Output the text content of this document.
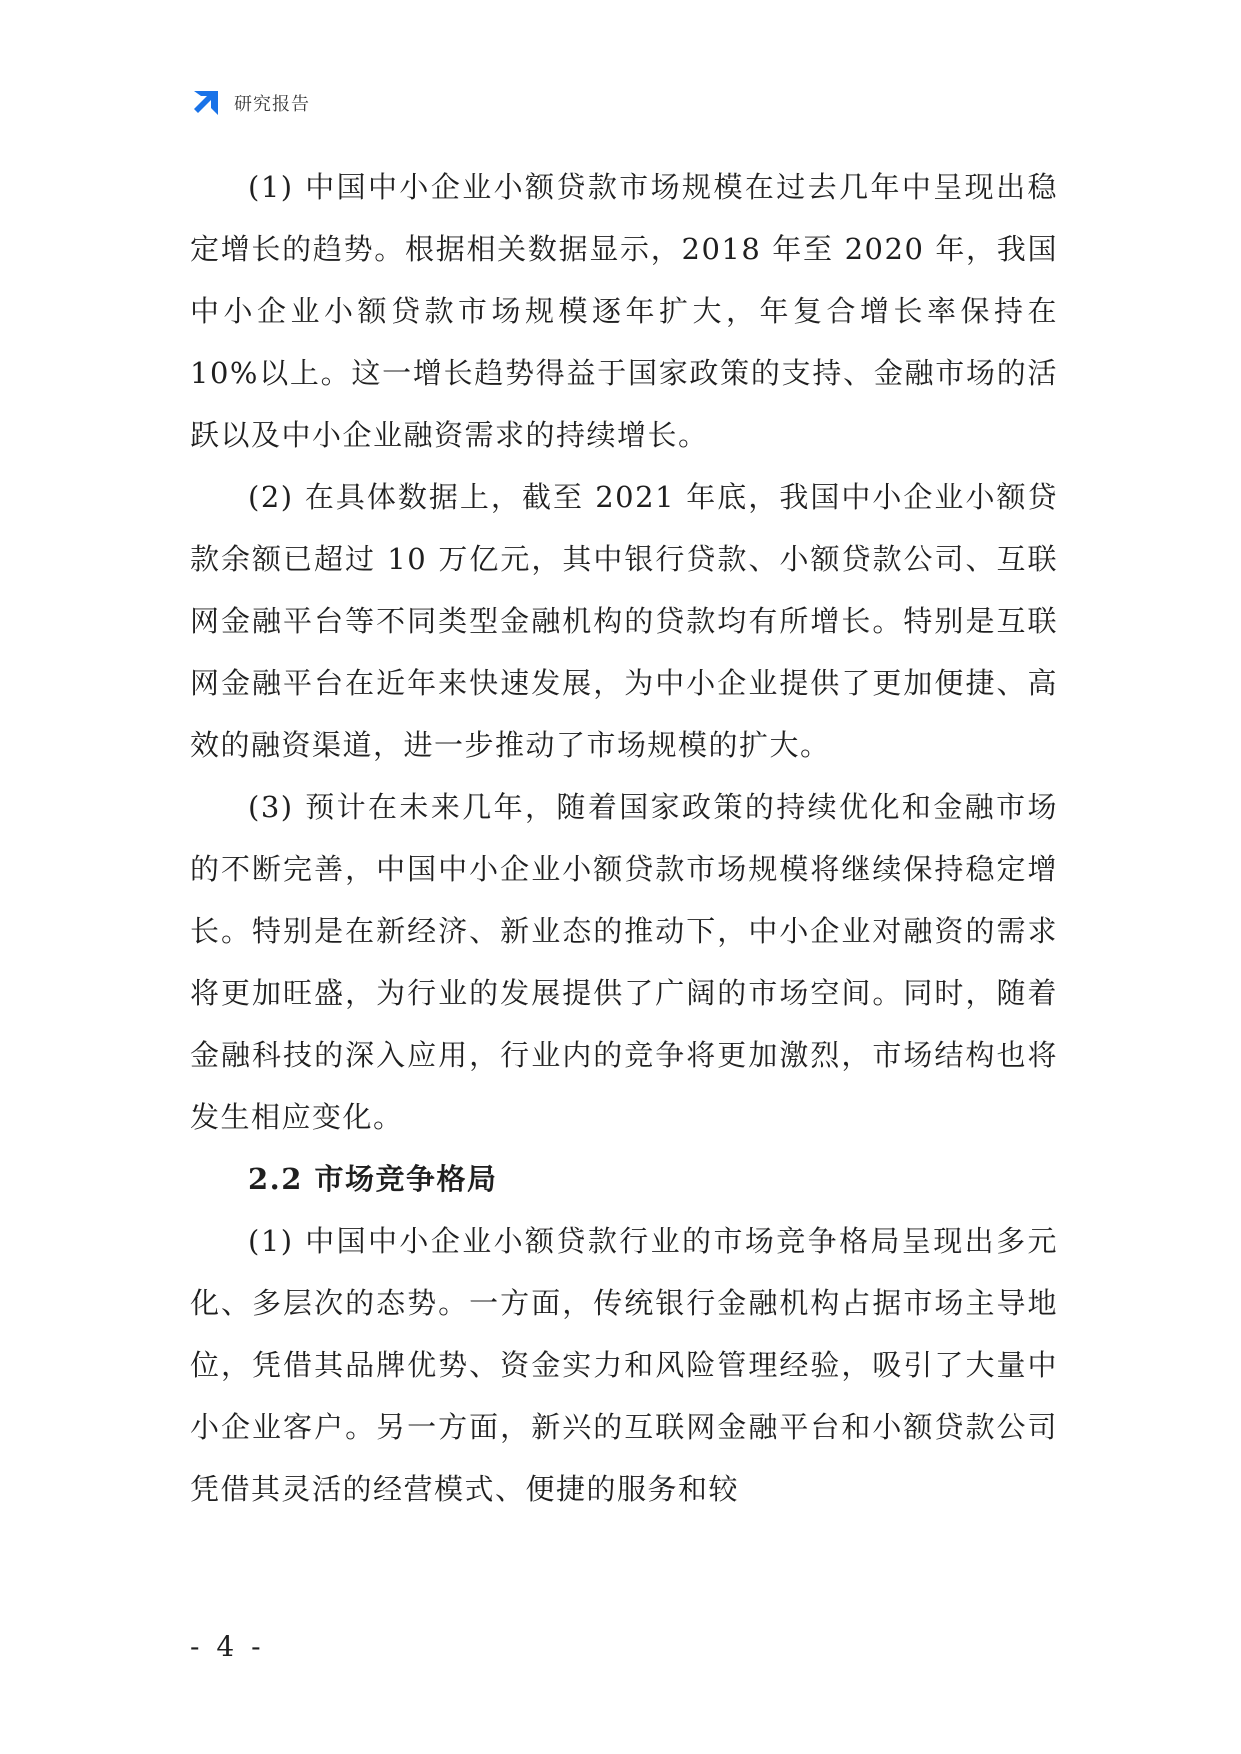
研究报告

(1) 中国中小企业小额贷款市场规模在过去几年中呈现出稳定增长的趋势。根据相关数据显示，2018 年至 2020 年，我国中小企业小额贷款市场规模逐年扩大，年复合增长率保持在 10%以上。这一增长趋势得益于国家政策的支持、金融市场的活跃以及中小企业融资需求的持续增长。

(2) 在具体数据上，截至 2021 年底，我国中小企业小额贷款余额已超过 10 万亿元，其中银行贷款、小额贷款公司、互联网金融平台等不同类型金融机构的贷款均有所增长。特别是互联网金融平台在近年来快速发展，为中小企业提供了更加便捷、高效的融资渠道，进一步推动了市场规模的扩大。

(3) 预计在未来几年，随着国家政策的持续优化和金融市场的不断完善，中国中小企业小额贷款市场规模将继续保持稳定增长。特别是在新经济、新业态的推动下，中小企业对融资的需求将更加旺盛，为行业的发展提供了广阔的市场空间。同时，随着金融科技的深入应用，行业内的竞争将更加激烈，市场结构也将发生相应变化。

2.2 市场竞争格局

(1) 中国中小企业小额贷款行业的市场竞争格局呈现出多元化、多层次的态势。一方面，传统银行金融机构占据市场主导地位，凭借其品牌优势、资金实力和风险管理经验，吸引了大量中小企业客户。另一方面，新兴的互联网金融平台和小额贷款公司凭借其灵活的经营模式、便捷的服务和较

- 4 -
